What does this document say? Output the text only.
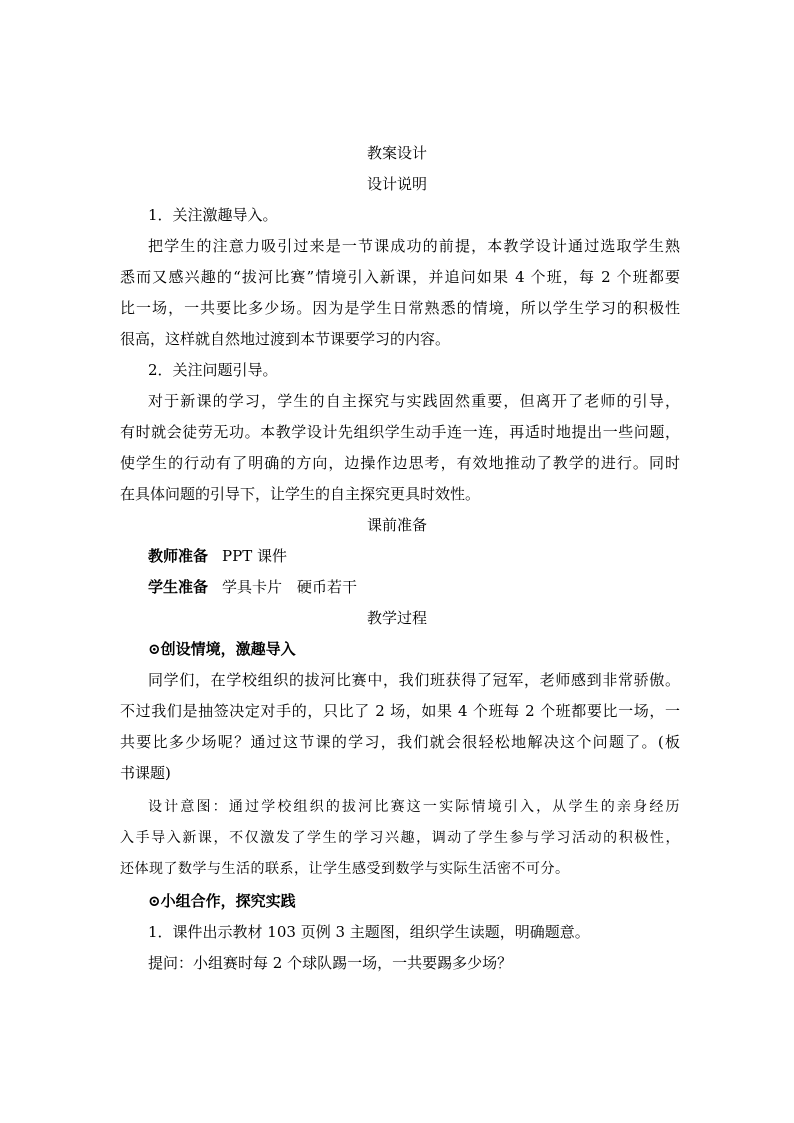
教案设计
设计说明
1．关注激趣导入。
把学生的注意力吸引过来是一节课成功的前提，本教学设计通过选取学生熟
悉而又感兴趣的“拔河比赛”情境引入新课，并追问如果 4 个班，每 2 个班都要
比一场，一共要比多少场。因为是学生日常熟悉的情境，所以学生学习的积极性
很高，这样就自然地过渡到本节课要学习的内容。
2．关注问题引导。
对于新课的学习，学生的自主探究与实践固然重要，但离开了老师的引导，
有时就会徒劳无功。本教学设计先组织学生动手连一连，再适时地提出一些问题，
使学生的行动有了明确的方向，边操作边思考，有效地推动了教学的进行。同时
在具体问题的引导下，让学生的自主探究更具时效性。
课前准备
教师准备 PPT 课件
学生准备 学具卡片　硬币若干
教学过程
⊙创设情境，激趣导入
同学们，在学校组织的拔河比赛中，我们班获得了冠军，老师感到非常骄傲。
不过我们是抽签决定对手的，只比了 2 场，如果 4 个班每 2 个班都要比一场，一
共要比多少场呢？通过这节课的学习，我们就会很轻松地解决这个问题了。(板
书课题)
设计意图：通过学校组织的拔河比赛这一实际情境引入，从学生的亲身经历
入手导入新课，不仅激发了学生的学习兴趣，调动了学生参与学习活动的积极性，
还体现了数学与生活的联系，让学生感受到数学与实际生活密不可分。
⊙小组合作，探究实践
1．课件出示教材 103 页例 3 主题图，组织学生读题，明确题意。
提问：小组赛时每 2 个球队踢一场，一共要踢多少场？
